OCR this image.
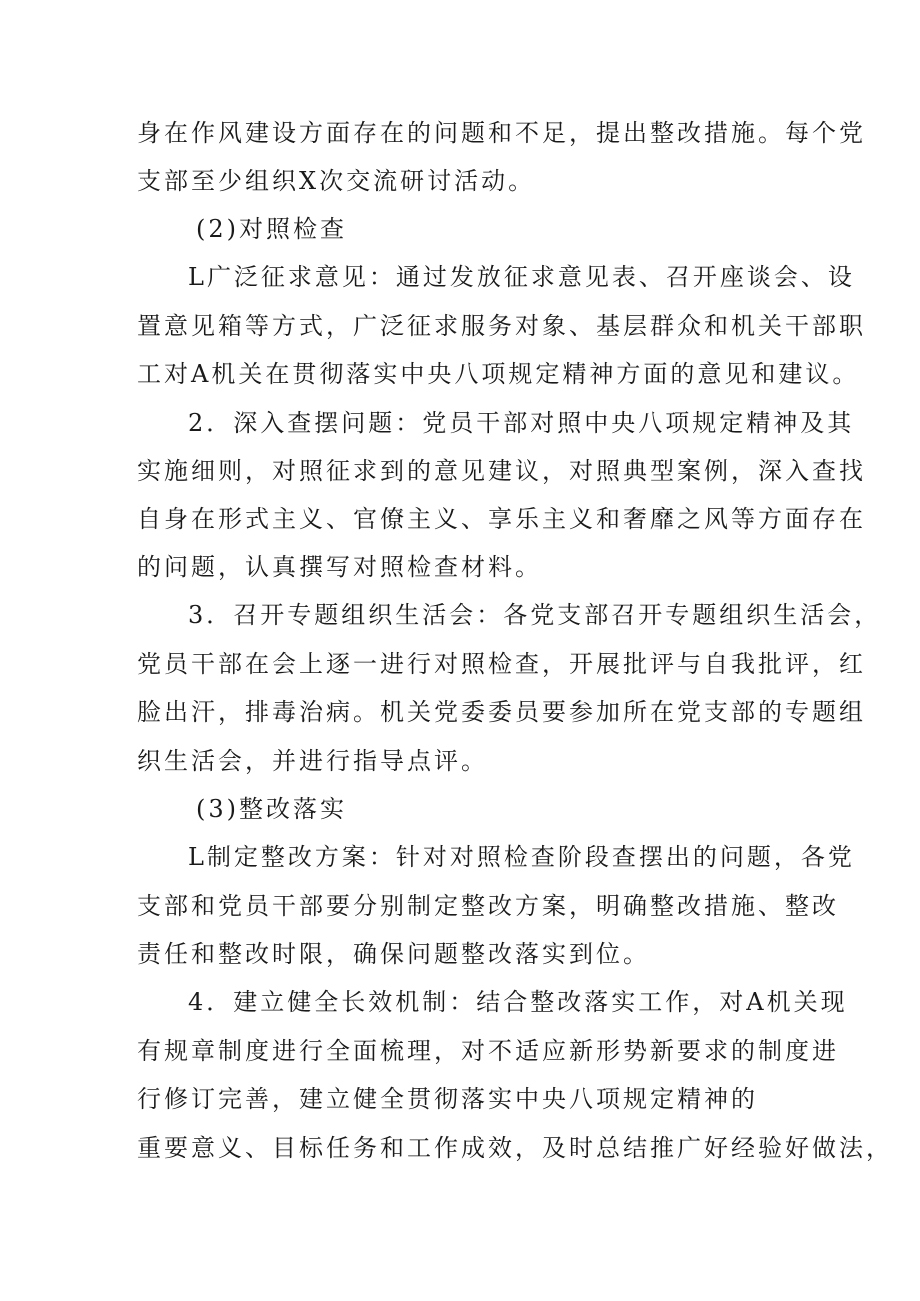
身在作风建设方面存在的问题和不足，提出整改措施。每个党
支部至少组织X次交流研讨活动。
(2)对照检查
L广泛征求意见：通过发放征求意见表、召开座谈会、设
置意见箱等方式，广泛征求服务对象、基层群众和机关干部职
工对A机关在贯彻落实中央八项规定精神方面的意见和建议。
2．深入查摆问题：党员干部对照中央八项规定精神及其
实施细则，对照征求到的意见建议，对照典型案例，深入查找
自身在形式主义、官僚主义、享乐主义和奢靡之风等方面存在
的问题，认真撰写对照检查材料。
3．召开专题组织生活会：各党支部召开专题组织生活会，
党员干部在会上逐一进行对照检查，开展批评与自我批评，红
脸出汗，排毒治病。机关党委委员要参加所在党支部的专题组
织生活会，并进行指导点评。
(3)整改落实
L制定整改方案：针对对照检查阶段查摆出的问题，各党
支部和党员干部要分别制定整改方案，明确整改措施、整改
责任和整改时限，确保问题整改落实到位。
4．建立健全长效机制：结合整改落实工作，对A机关现
有规章制度进行全面梳理，对不适应新形势新要求的制度进
行修订完善，建立健全贯彻落实中央八项规定精神的
重要意义、目标任务和工作成效，及时总结推广好经验好做法，
